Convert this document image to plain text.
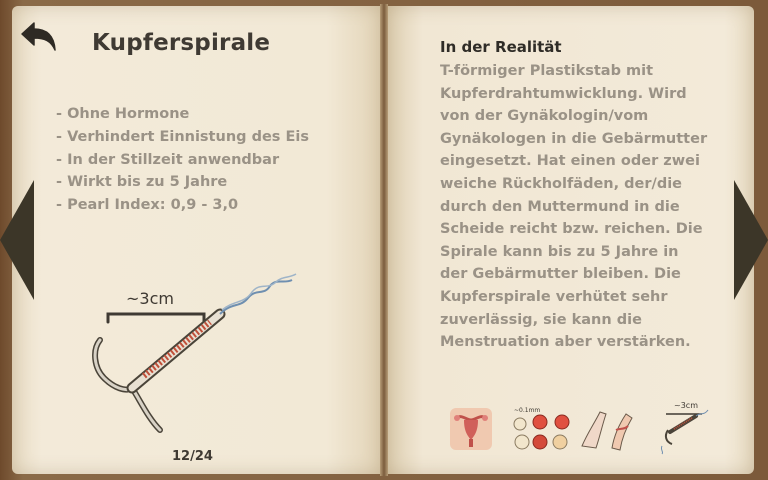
Kupferspirale
- Ohne Hormone
- Verhindert Einnistung des Eis
- In der Stillzeit anwendbar
- Wirkt bis zu 5 Jahre
- Pearl Index: 0,9 - 3,0
~3cm
12/24
In der Realität
T-förmiger Plastikstab mit
Kupferdrahtumwicklung. Wird
von der Gynäkologin/vom
Gynäkologen in die Gebärmutter
eingesetzt. Hat einen oder zwei
weiche Rückholfäden, der/die
durch den Muttermund in die
Scheide reicht bzw. reichen. Die
Spirale kann bis zu 5 Jahre in
der Gebärmutter bleiben. Die
Kupferspirale verhütet sehr
zuverlässig, sie kann die
Menstruation aber verstärken.
~0.1mm
~3cm
